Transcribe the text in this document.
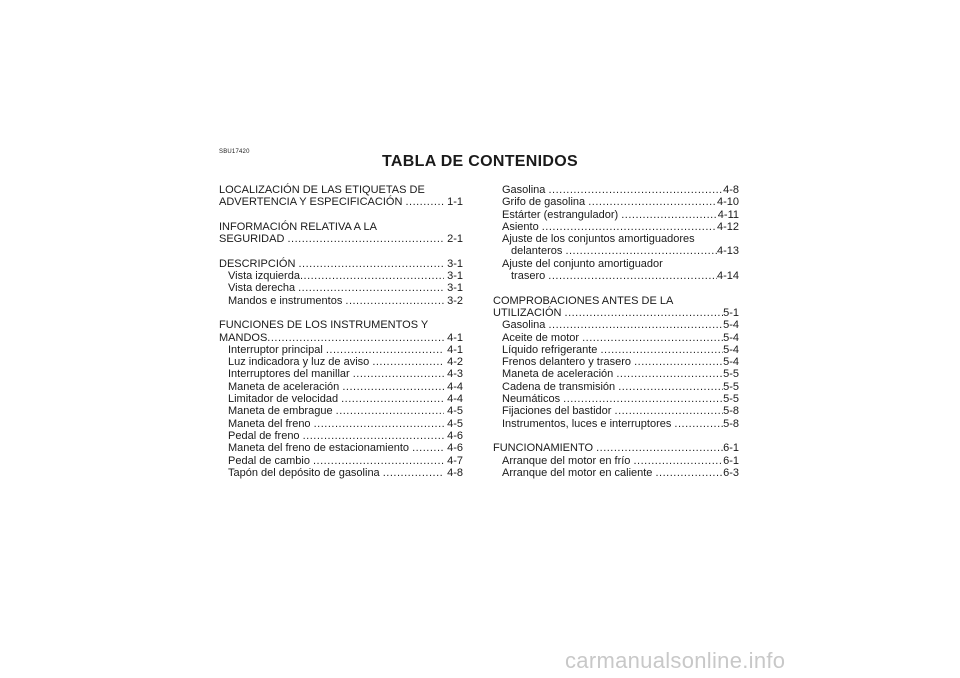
SBU17420
TABLA DE CONTENIDOS
LOCALIZACIÓN DE LAS ETIQUETAS DE
ADVERTENCIA Y ESPECIFICACIÓN .....	1-1
INFORMACIÓN RELATIVA A LA
SEGURIDAD .....	2-1
DESCRIPCIÓN .....	3-1
Vista izquierda .....	3-1
Vista derecha .....	3-1
Mandos e instrumentos .....	3-2
FUNCIONES DE LOS INSTRUMENTOS Y
MANDOS .....	4-1
Interruptor principal .....	4-1
Luz indicadora y luz de aviso .....	4-2
Interruptores del manillar .....	4-3
Maneta de aceleración .....	4-4
Limitador de velocidad .....	4-4
Maneta de embrague .....	4-5
Maneta del freno .....	4-5
Pedal de freno .....	4-6
Maneta del freno de estacionamiento .....	4-6
Pedal de cambio .....	4-7
Tapón del depósito de gasolina .....	4-8
Gasolina .....	4-8
Grifo de gasolina .....	4-10
Estárter (estrangulador) .....	4-11
Asiento .....	4-12
Ajuste de los conjuntos amortiguadores
delanteros .....	4-13
Ajuste del conjunto amortiguador
trasero .....	4-14
COMPROBACIONES ANTES DE LA
UTILIZACIÓN .....	5-1
Gasolina .....	5-4
Aceite de motor .....	5-4
Líquido refrigerante .....	5-4
Frenos delantero y trasero .....	5-4
Maneta de aceleración .....	5-5
Cadena de transmisión .....	5-5
Neumáticos .....	5-5
Fijaciones del bastidor .....	5-8
Instrumentos, luces e interruptores .....	5-8
FUNCIONAMIENTO .....	6-1
Arranque del motor en frío .....	6-1
Arranque del motor en caliente .....	6-3
carmanualsonline.info
